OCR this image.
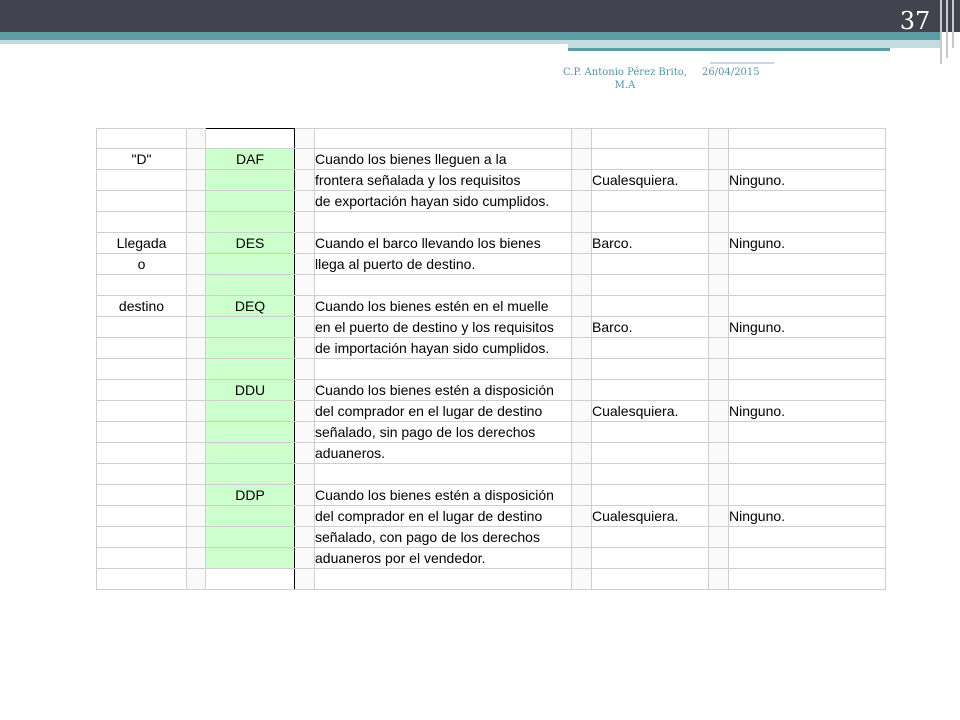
37
C.P. Antonio Pérez Brito,
M.A
26/04/2015

"D"		DAF		Cuando los bienes lleguen a la				
				frontera señalada y los requisitos		Cualesquiera.		Ninguno.
				de exportación hayan sido cumplidos.				

Llegada		DES		Cuando el barco llevando los bienes		Barco.		Ninguno.
o				llega al puerto de destino.				

destino		DEQ		Cuando los bienes estén en el muelle				
				en el puerto de destino y los requisitos		Barco.		Ninguno.
				de importación hayan sido cumplidos.				

		DDU		Cuando los bienes estén a disposición				
				del comprador en el lugar de destino		Cualesquiera.		Ninguno.
				señalado, sin pago de los derechos				
				aduaneros.				

		DDP		Cuando los bienes estén a disposición				
				del comprador en el lugar de destino		Cualesquiera.		Ninguno.
				señalado, con pago de los derechos				
				aduaneros por el vendedor.				
